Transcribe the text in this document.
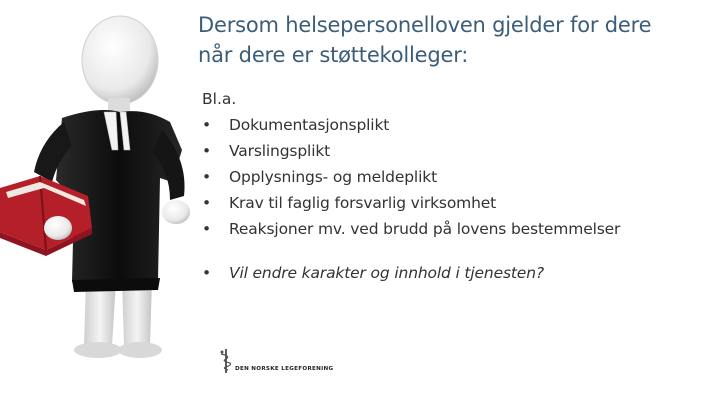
Dersom helsepersonelloven gjelder for dere
når dere er støttekolleger:
Bl.a.
• Dokumentasjonsplikt
• Varslingsplikt
• Opplysnings- og meldeplikt
• Krav til faglig forsvarlig virksomhet
• Reaksjoner mv. ved brudd på lovens bestemmelser
• Vil endre karakter og innhold i tjenesten?
DEN NORSKE LEGEFORENING
